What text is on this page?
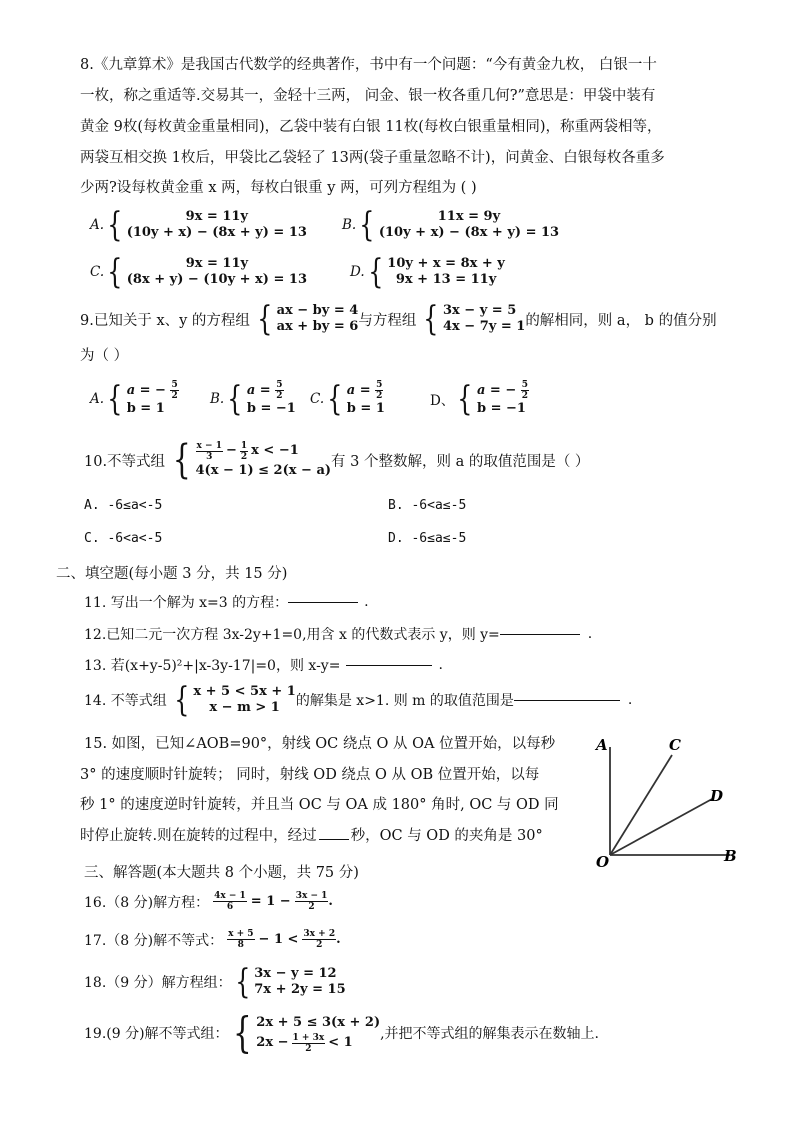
8.《九章算术》是我国古代数学的经典著作，书中有一个问题：“今有黄金九枚， 白银一十
一枚，称之重适等.交易其一，金轻十三两， 问金、银一枚各重几何?”意思是：甲袋中装有
黄金 9枚(每枚黄金重量相同)，乙袋中装有白银 11枚(每枚白银重量相同)，称重两袋相等，
两袋互相交换 1枚后，甲袋比乙袋轻了 13两(袋子重量忽略不计)，问黄金、白银每枚各重多
少两?设每枚黄金重 x 两，每枚白银重 y 两，可列方程组为 ( )
A. {	9x = 11y
(10y + x) − (8x + y) = 13	B. {	11x = 9y
(10y + x) − (8x + y) = 13
C. {	9x = 11y
(8x + y) − (10y + x) = 13	D. { 10y + x = 8x + y
9x + 13 = 11y
9.已知关于 x、y 的方程组 { ax − by = 4
ax + by = 6 与方程组 { 3x − y = 5
4x − 7y = 1 的解相同，则 a， b 的值分别
为（ ）
A. { a = −
$\frac{5}{2}$
b = 1
B. { a =
$\frac{5}{2}$
b = −1
C. { a =
$\frac{5}{2}$
b = 1	D、 { a = −
$\frac{5}{2}$
b = −1
10.不等式组 { $\frac{x - 1}{3} - \frac{1}{2}$ x < −1
4(x − 1) ≤ 2(x − a)
有 3 个整数解，则 a 的取值范围是（ ）
A. -6≤a<-5	B. -6<a≤-5
C. -6<a<-5	D. -6≤a≤-5
二、填空题(每小题 3 分，共 15 分)
11. 写出一个解为 x=3 的方程：	.
12.已知二元一次方程 3x-2y+1=0,用含 x 的代数式表示 y，则 y=	.
13. 若(x+y-5)²+|x-3y-17|=0，则 x-y=	.
14. 不等式组 { x + 5 < 5x + 1
x − m > 1 的解集是 x>1. 则 m 的取值范围是	.
15. 如图，已知∠AOB=90°，射线 OC 绕点 O 从 OA 位置开始，以每秒
3° 的速度顺时针旋转； 同时，射线 OD 绕点 O 从 OB 位置开始，以每
秒 1° 的速度逆时针旋转，并且当 OC 与 OA 成 180° 角时, OC 与 OD 同
时停止旋转.则在旋转的过程中，经过 秒，OC 与 OD 的夹角是 30°
A	C
D
B
O
三、解答题(本大题共 8 个小题，共 75 分)
16.（8 分)解方程： $\frac{4x - 1}{6} = 1 - \frac{3x - 1}{2}$ .
17.（8 分)解不等式： $\frac{x + 5}{8} - 1 < \frac{3x + 2}{2}$ .
18.（9 分）解方程组： { 3x − y = 12
7x + 2y = 15
19.(9 分)解不等式组： { 2x + 5 ≤ 3(x + 2)
$2x - \frac{1 + 3x}{2} < 1$
,并把不等式组的解集表示在数轴上.
